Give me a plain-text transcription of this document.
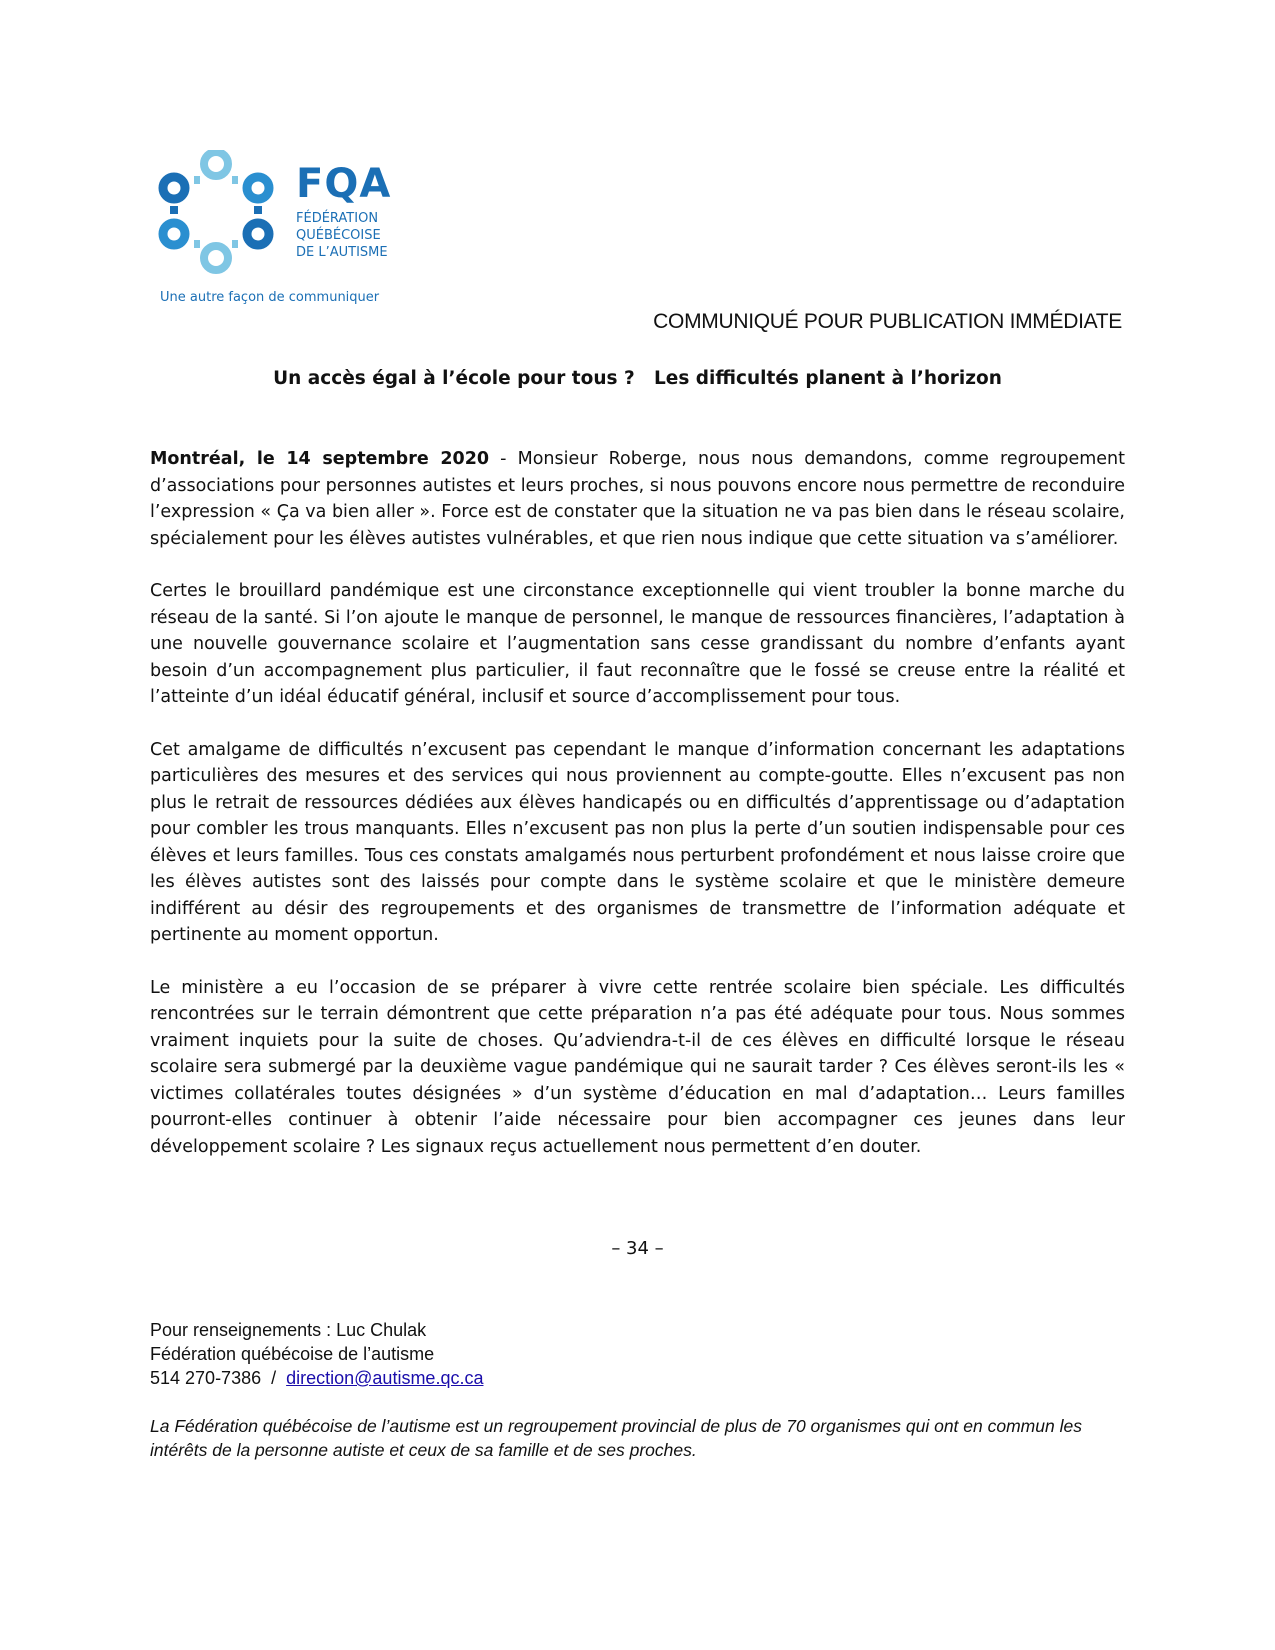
FQA
FÉDÉRATION
QUÉBÉCOISE
DE L’AUTISME
Une autre façon de communiquer
COMMUNIQUÉ POUR PUBLICATION IMMÉDIATE
Un accès égal à l’école pour tous ?   Les difficultés planent à l’horizon

Montréal, le 14 septembre 2020 - Monsieur Roberge, nous nous demandons, comme regroupement d’associations pour personnes autistes et leurs proches, si nous pouvons encore nous permettre de reconduire l’expression « Ça va bien aller ». Force est de constater que la situation ne va pas bien dans le réseau scolaire, spécialement pour les élèves autistes vulnérables, et que rien nous indique que cette situation va s’améliorer.

Certes le brouillard pandémique est une circonstance exceptionnelle qui vient troubler la bonne marche du réseau de la santé. Si l’on ajoute le manque de personnel, le manque de ressources financières, l’adaptation à une nouvelle gouvernance scolaire et l’augmentation sans cesse grandissant du nombre d’enfants ayant besoin d’un accompagnement plus particulier, il faut reconnaître que le fossé se creuse entre la réalité et l’atteinte d’un idéal éducatif général, inclusif et source d’accomplissement pour tous.

Cet amalgame de difficultés n’excusent pas cependant le manque d’information concernant les adaptations particulières des mesures et des services qui nous proviennent au compte-goutte. Elles n’excusent pas non plus le retrait de ressources dédiées aux élèves handicapés ou en difficultés d’apprentissage ou d’adaptation pour combler les trous manquants. Elles n’excusent pas non plus la perte d’un soutien indispensable pour ces élèves et leurs familles. Tous ces constats amalgamés nous perturbent profondément et nous laisse croire que les élèves autistes sont des laissés pour compte dans le système scolaire et que le ministère demeure indifférent au désir des regroupements et des organismes de transmettre de l’information adéquate et pertinente au moment opportun.

Le ministère a eu l’occasion de se préparer à vivre cette rentrée scolaire bien spéciale. Les difficultés rencontrées sur le terrain démontrent que cette préparation n’a pas été adéquate pour tous. Nous sommes vraiment inquiets pour la suite de choses. Qu’adviendra-t-il de ces élèves en difficulté lorsque le réseau scolaire sera submergé par la deuxième vague pandémique qui ne saurait tarder ? Ces élèves seront-ils les « victimes collatérales toutes désignées » d’un système d’éducation en mal d’adaptation… Leurs familles pourront-elles continuer à obtenir l’aide nécessaire pour bien accompagner ces jeunes dans leur développement scolaire ? Les signaux reçus actuellement nous permettent d’en douter.

– 34 –
Pour renseignements : Luc Chulak
Fédération québécoise de l’autisme
514 270-7386  /  direction@autisme.qc.ca
La Fédération québécoise de l’autisme est un regroupement provincial de plus de 70 organismes qui ont en commun les intérêts de la personne autiste et ceux de sa famille et de ses proches.
